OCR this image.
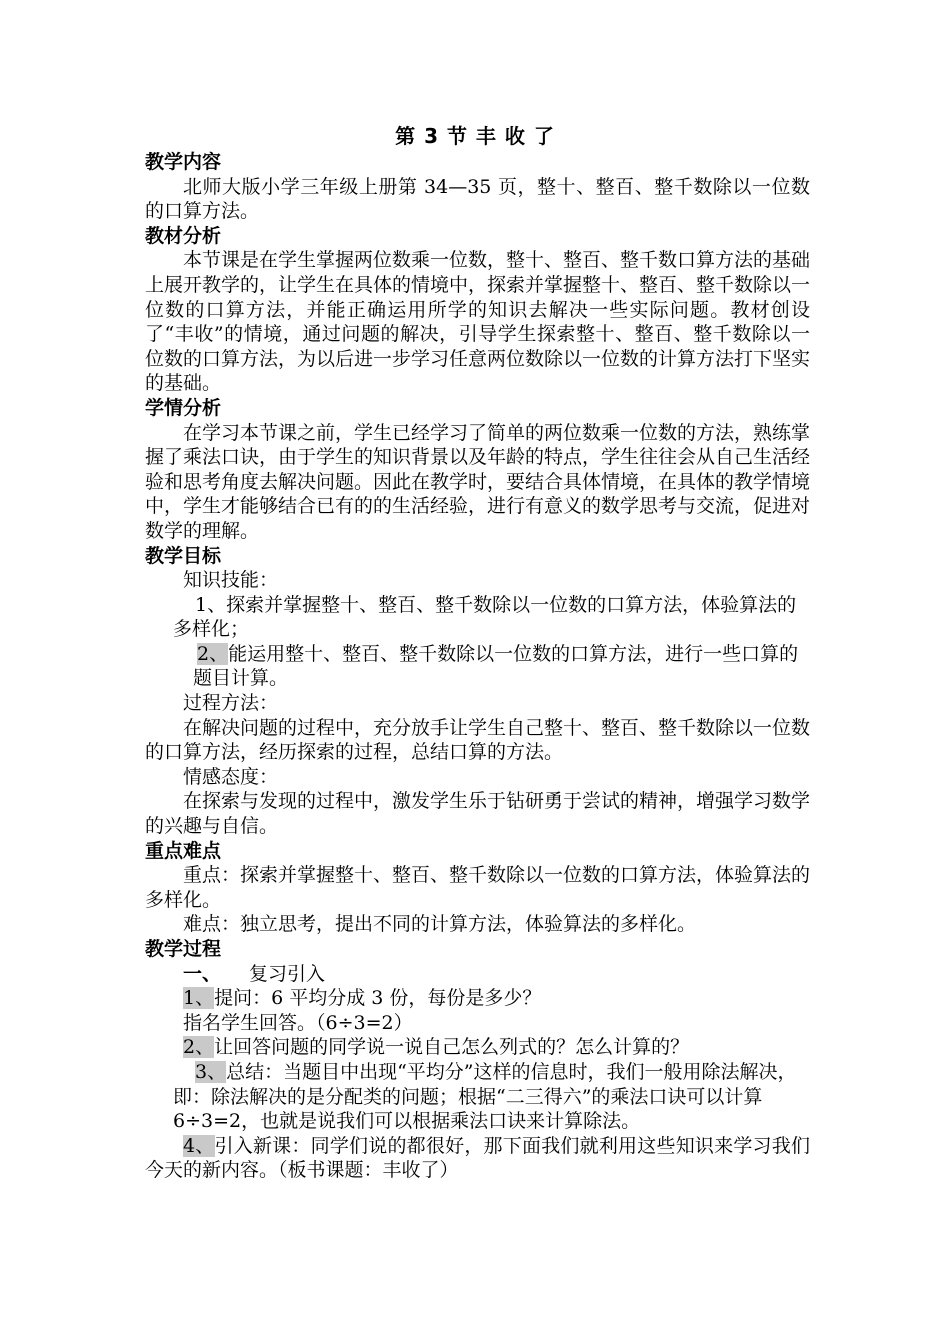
第 3 节 丰 收 了
教学内容
北师大版小学三年级上册第 34—35 页，整十、整百、整千数除以一位数的口算方法。
教材分析
本节课是在学生掌握两位数乘一位数，整十、整百、整千数口算方法的基础上展开教学的，让学生在具体的情境中，探索并掌握整十、整百、整千数除以一位数的口算方法，并能正确运用所学的知识去解决一些实际问题。教材创设了“丰收”的情境，通过问题的解决，引导学生探索整十、整百、整千数除以一位数的口算方法，为以后进一步学习任意两位数除以一位数的计算方法打下坚实的基础。
学情分析
在学习本节课之前，学生已经学习了简单的两位数乘一位数的方法，熟练掌握了乘法口诀，由于学生的知识背景以及年龄的特点，学生往往会从自己生活经验和思考角度去解决问题。因此在教学时，要结合具体情境，在具体的教学情境中，学生才能够结合已有的的生活经验，进行有意义的数学思考与交流，促进对数学的理解。
教学目标
知识技能：
1、探索并掌握整十、整百、整千数除以一位数的口算方法，体验算法的多样化；
2、能运用整十、整百、整千数除以一位数的口算方法，进行一些口算的题目计算。
过程方法：
在解决问题的过程中，充分放手让学生自己整十、整百、整千数除以一位数的口算方法，经历探索的过程，总结口算的方法。
情感态度：
在探索与发现的过程中，激发学生乐于钻研勇于尝试的精神，增强学习数学的兴趣与自信。
重点难点
重点：探索并掌握整十、整百、整千数除以一位数的口算方法，体验算法的多样化。
难点：独立思考，提出不同的计算方法，体验算法的多样化。
教学过程
一、 复习引入
1、提问：6 平均分成 3 份，每份是多少？
指名学生回答。（6÷3=2）
2、让回答问题的同学说一说自己怎么列式的？怎么计算的？
3、总结：当题目中出现“平均分”这样的信息时，我们一般用除法解决，即：除法解决的是分配类的问题；根据“二三得六”的乘法口诀可以计算 6÷3=2，也就是说我们可以根据乘法口诀来计算除法。
4、引入新课：同学们说的都很好，那下面我们就利用这些知识来学习我们今天的新内容。（板书课题：丰收了）
